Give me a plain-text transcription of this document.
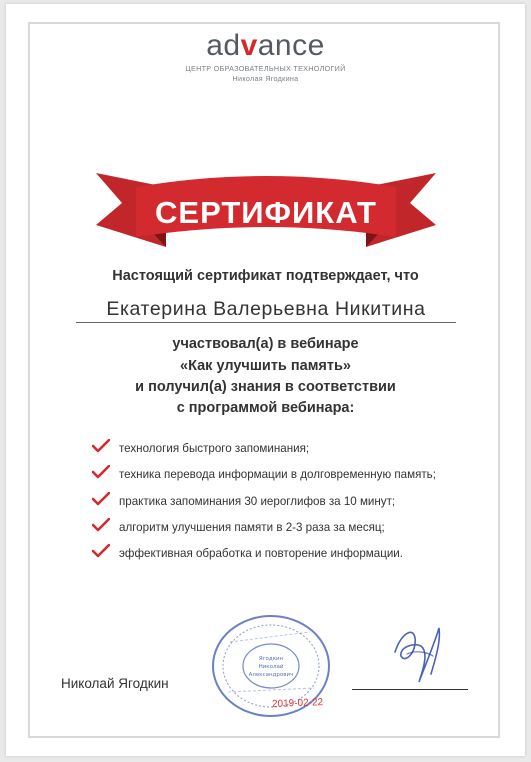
advance
ЦЕНТР ОБРАЗОВАТЕЛЬНЫХ ТЕХНОЛОГИЙ
Николая Ягодкина
СЕРТИФИКАТ
Настоящий сертификат подтверждает, что
Екатерина Валерьевна Никитина
участвовал(а) в вебинаре
«Как улучшить память»
и получил(а) знания в соответствии
с программой вебинара:
технология быстрого запоминания;
техника перевода информации в долговременную память;
практика запоминания 30 иероглифов за 10 минут;
алгоритм улучшения памяти в 2-3 раза за месяц;
эффективная обработка и повторение информации.
Николай Ягодкин
Ягодкин
Николай
Александрович
2019-02-22
